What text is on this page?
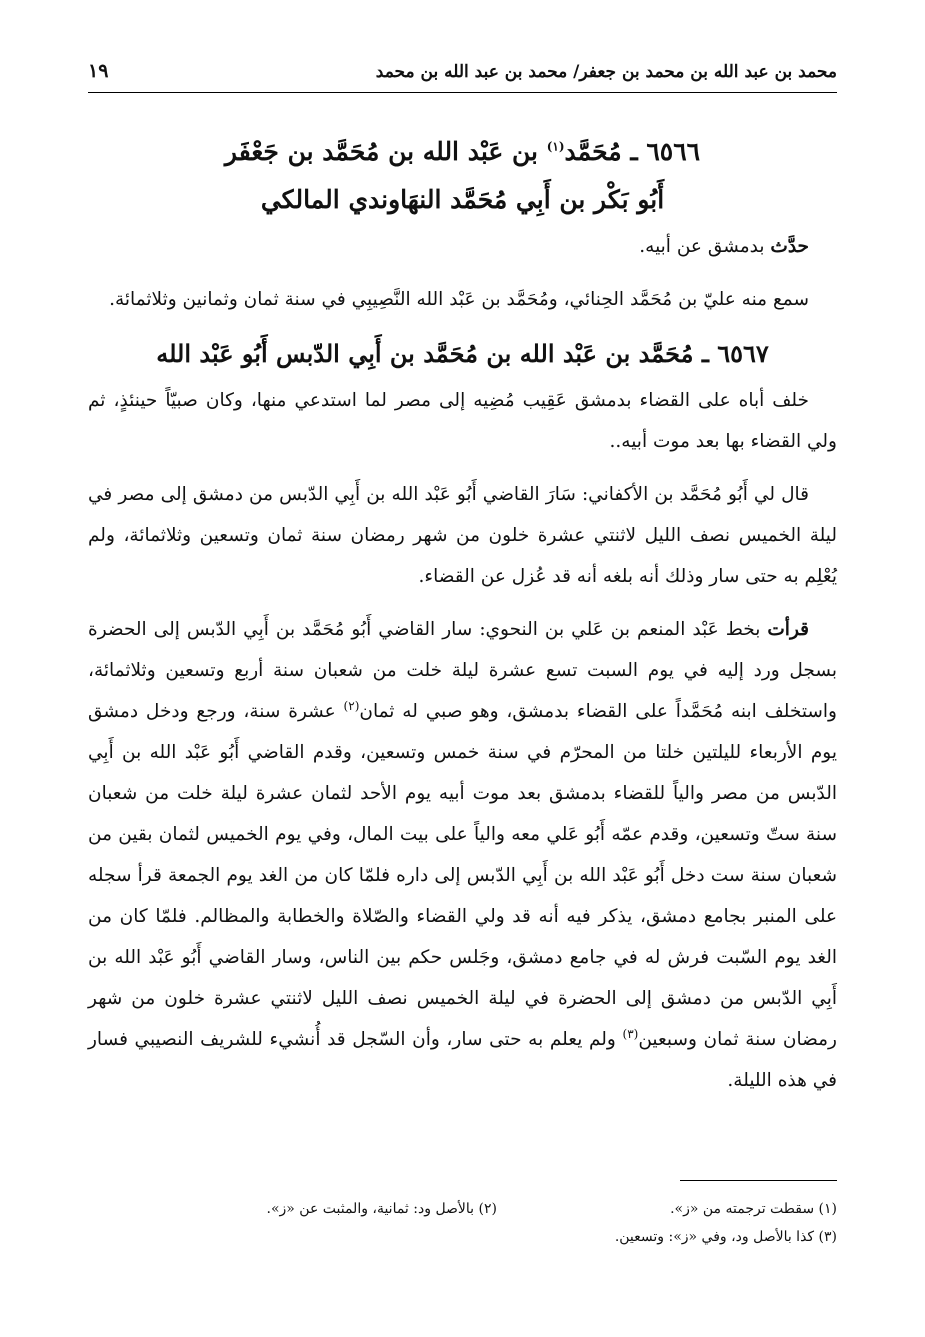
محمد بن عبد الله بن محمد بن جعفر/ محمد بن عبد الله بن محمد
١٩
٦٥٦٦ ـ مُحَمَّد$^{(١)}$ بن عَبْد الله بن مُحَمَّد بن جَعْفَر
أَبُو بَكْر بن أَبِي مُحَمَّد النهَاوندي المالكي

حدَّث بدمشق عن أبيه.

سمع منه عليّ بن مُحَمَّد الحِنائي، ومُحَمَّد بن عَبْد الله النَّصِيبِي في سنة ثمان وثمانين وثلاثمائة.

٦٥٦٧ ـ مُحَمَّد بن عَبْد الله بن مُحَمَّد بن أَبِي الدّبس أَبُو عَبْد الله

خلف أباه على القضاء بدمشق عَقِيب مُضِيه إلى مصر لما استدعي منها، وكان صبيّاً حينئذٍ، ثم ولي القضاء بها بعد موت أبيه..

قال لي أَبُو مُحَمَّد بن الأكفاني: سَارَ القاضي أَبُو عَبْد الله بن أَبِي الدّبس من دمشق إلى مصر في ليلة الخميس نصف الليل لاثنتي عشرة خلون من شهر رمضان سنة ثمان وتسعين وثلاثمائة، ولم يُعْلِم به حتى سار وذلك أنه بلغه أنه قد عُزل عن القضاء.

قرأت بخط عَبْد المنعم بن عَلي بن النحوي: سار القاضي أَبُو مُحَمَّد بن أَبِي الدّبس إلى الحضرة بسجل ورد إليه في يوم السبت تسع عشرة ليلة خلت من شعبان سنة أربع وتسعين وثلاثمائة، واستخلف ابنه مُحَمَّداً على القضاء بدمشق، وهو صبي له ثمان$^{(٢)}$ عشرة سنة، ورجع ودخل دمشق يوم الأربعاء لليلتين خلتا من المحرّم في سنة خمس وتسعين، وقدم القاضي أَبُو عَبْد الله بن أَبِي الدّبس من مصر والياً للقضاء بدمشق بعد موت أبيه يوم الأحد لثمان عشرة ليلة خلت من شعبان سنة ستّ وتسعين، وقدم عمّه أَبُو عَلي معه والياً على بيت المال، وفي يوم الخميس لثمان بقين من شعبان سنة ست دخل أَبُو عَبْد الله بن أَبِي الدّبس إلى داره فلمّا كان من الغد يوم الجمعة قرأ سجله على المنبر بجامع دمشق، يذكر فيه أنه قد ولي القضاء والصّلاة والخطابة والمظالم. فلمّا كان من الغد يوم السّبت فرش له في جامع دمشق، وجَلس حكم بين الناس، وسار القاضي أَبُو عَبْد الله بن أَبِي الدّبس من دمشق إلى الحضرة في ليلة الخميس نصف الليل لاثنتي عشرة خلون من شهر رمضان سنة ثمان وسبعين$^{(٣)}$ ولم يعلم به حتى سار، وأن السّجل قد أُنشيء للشريف النصيبي فسار في هذه الليلة.

(١) سقطت ترجمته من «ز».
(٢) بالأصل ود: ثمانية، والمثبت عن «ز».
(٣) كذا بالأصل ود، وفي «ز»: وتسعين.
